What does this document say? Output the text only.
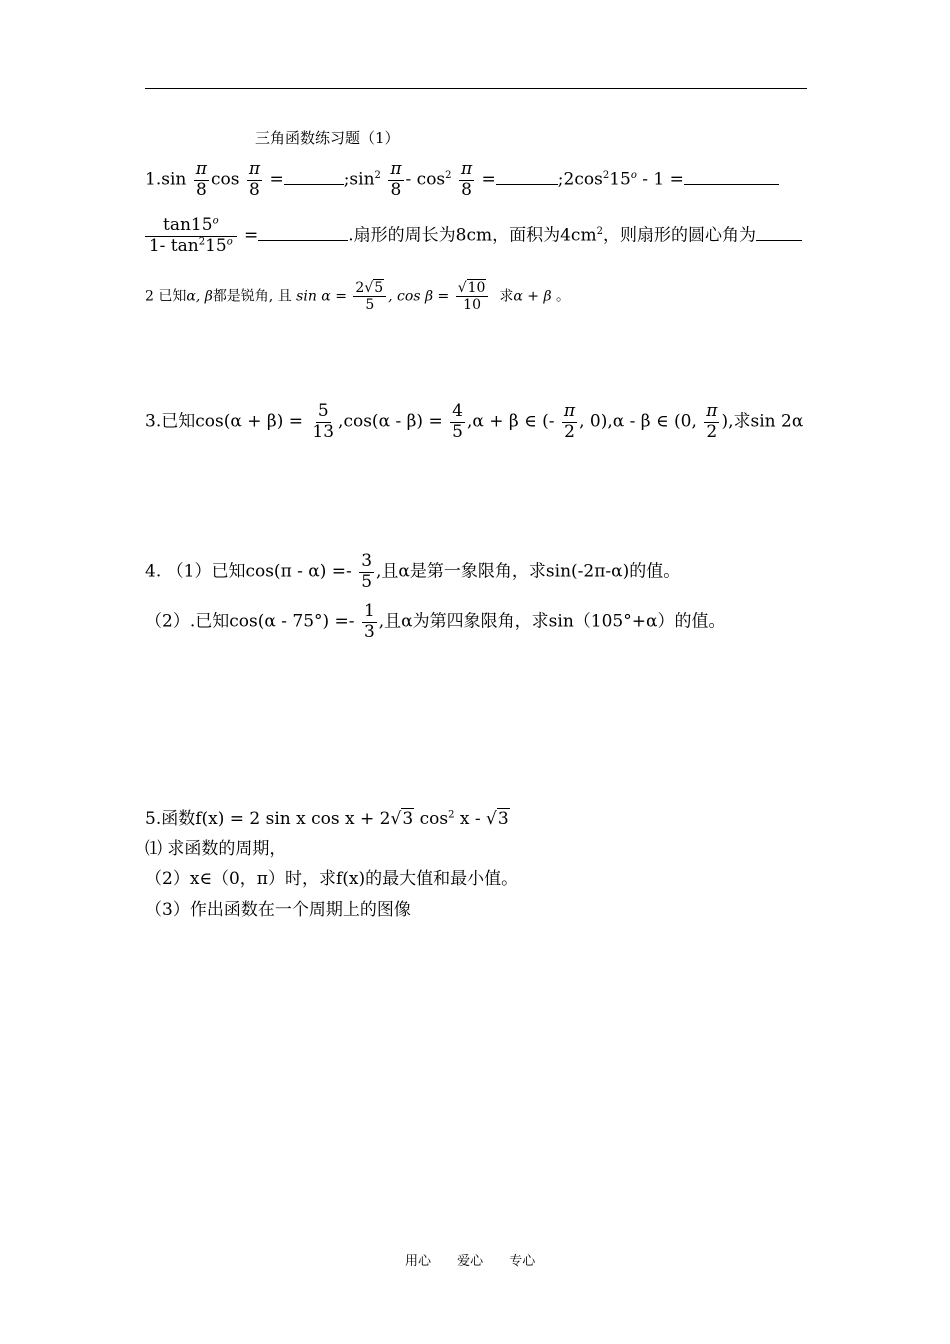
三角函数练习题（1）
$1.\sin \frac{\pi}{8}$ $\cos \frac{\pi}{8}$ =	$;\sin^2 \frac{\pi}{8} - \cos^2 \frac{\pi}{8}$ =	$;2\cos^215^o - 1$ =
$\frac{\tan 15^o}{1- \tan^215^o}$ =	.扇形的周长为8cm，面积为$4cm^2$，则扇形的圆心角为
2 已知α, β都是锐角, 且 $\sin \alpha = \frac{2√5}{5}$ , $\cos \beta = \frac{√10}{10}$ 求α + β 。
3.已知$\cos(\alpha + \beta) = \frac{5}{13} ,\cos(\alpha - \beta) = \frac{4}{5} ,\alpha + \beta$ ∈ (- $\frac{\pi}{2}$ , 0),α - β ∈ (0, $\frac{\pi}{2}$ ),求sin 2α
4. （1）已知$\cos(\pi - \alpha) =- \frac{3}{5}$ ,且α是第一象限角，求sin(-2π-α)的值。
（2）.已知$\cos(\alpha - 75^\circ) =- \frac{1}{3}$ ,且α为第四象限角，求sin（105°+α）的值。
5.函数f(x) = 2 sin x cos x + 2√3 $\cos^2 x - √3$
⑴ 求函数的周期，
（2）x∈（0，π）时，求f(x)的最大值和最小值。
（3）作出函数在一个周期上的图像
用心 爱心 专心
